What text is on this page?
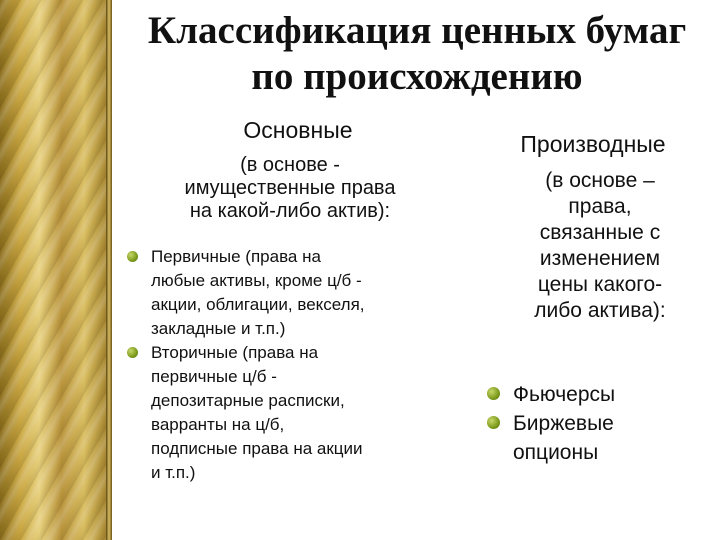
Классификация ценных бумаг
по происхождению
Основные
(в основе -
имущественные права
на какой-либо актив):
Первичные (права на
любые активы, кроме ц/б -
акции, облигации, векселя,
закладные и т.п.)
Вторичные (права на
первичные ц/б -
депозитарные расписки,
варранты на ц/б,
подписные права на акции
и т.п.)
Производные
(в основе –
права,
связанные с
изменением
цены какого-
либо актива):
Фьючерсы
Биржевые
опционы
